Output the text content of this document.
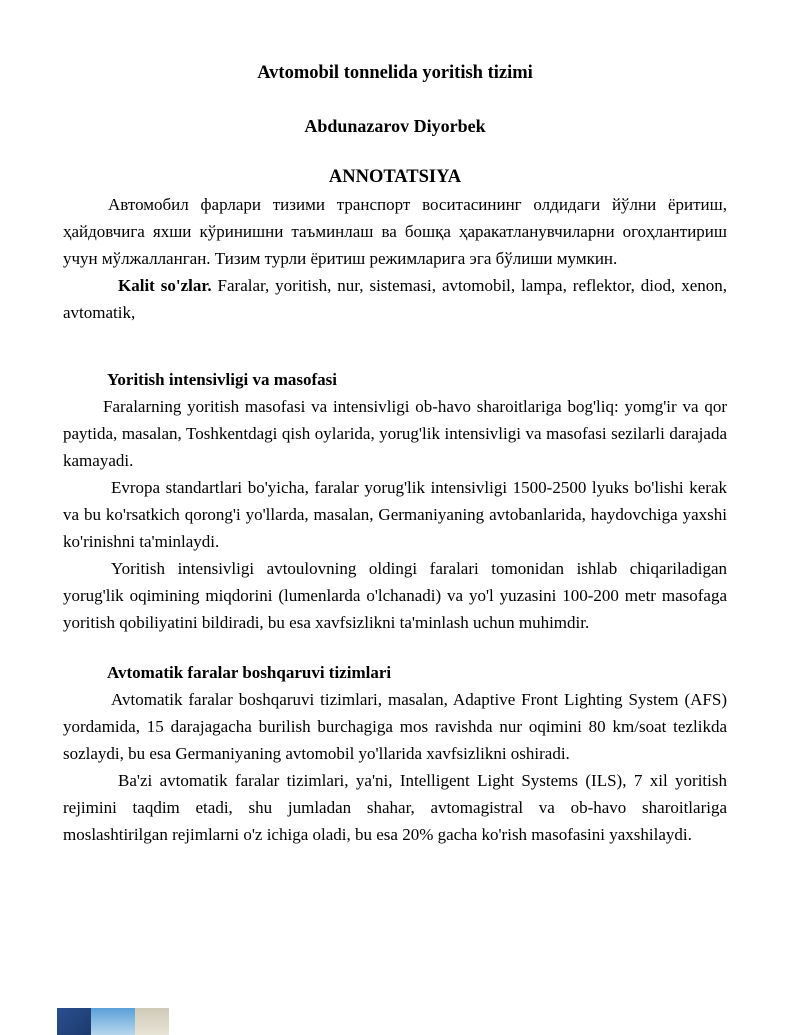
Avtomobil tonnelida yoritish tizimi

Abdunazarov Diyorbek

ANNOTATSIYA

Автомобил фарлари тизими транспорт воситасининг олдидаги йўлни ёритиш, ҳайдовчига яхши кўринишни таъминлаш ва бошқа ҳаракатланувчиларни огоҳлантириш учун мўлжалланган. Тизим турли ёритиш режимларига эга бўлиши мумкин.

Kalit so'zlar. Faralar, yoritish, nur, sistemasi, avtomobil, lampa, reflektor, diod, xenon, avtomatik,

Yoritish intensivligi va masofasi

Faralarning yoritish masofasi va intensivligi ob-havo sharoitlariga bog'liq: yomg'ir va qor paytida, masalan, Toshkentdagi qish oylarida, yorug'lik intensivligi va masofasi sezilarli darajada kamayadi.

Evropa standartlari bo'yicha, faralar yorug'lik intensivligi 1500-2500 lyuks bo'lishi kerak va bu ko'rsatkich qorong'i yo'llarda, masalan, Germaniyaning avtobanlarida, haydovchiga yaxshi ko'rinishni ta'minlaydi.

Yoritish intensivligi avtoulovning oldingi faralari tomonidan ishlab chiqariladigan yorug'lik oqimining miqdorini (lumenlarda o'lchanadi) va yo'l yuzasini 100-200 metr masofaga yoritish qobiliyatini bildiradi, bu esa xavfsizlikni ta'minlash uchun muhimdir.

Avtomatik faralar boshqaruvi tizimlari

Avtomatik faralar boshqaruvi tizimlari, masalan, Adaptive Front Lighting System (AFS) yordamida, 15 darajagacha burilish burchagiga mos ravishda nur oqimini 80 km/soat tezlikda sozlaydi, bu esa Germaniyaning avtomobil yo'llarida xavfsizlikni oshiradi.

Ba'zi avtomatik faralar tizimlari, ya'ni, Intelligent Light Systems (ILS), 7 xil yoritish rejimini taqdim etadi, shu jumladan shahar, avtomagistral va ob-havo sharoitlariga moslashtirilgan rejimlarni o'z ichiga oladi, bu esa 20% gacha ko'rish masofasini yaxshilaydi.
